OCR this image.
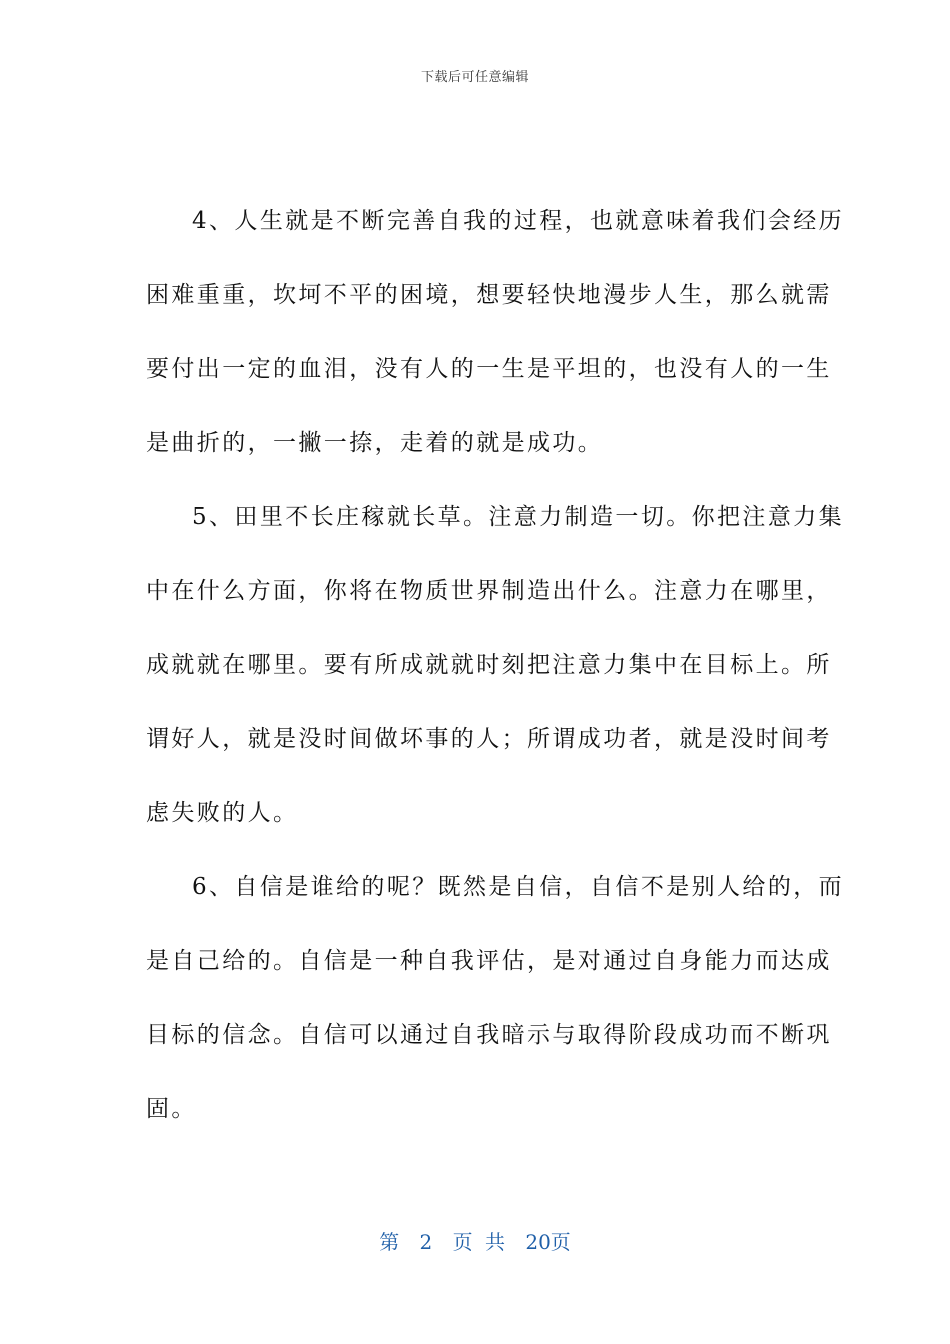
下载后可任意编辑

4、人生就是不断完善自我的过程，也就意味着我们会经历
困难重重，坎坷不平的困境，想要轻快地漫步人生，那么就需
要付出一定的血泪，没有人的一生是平坦的，也没有人的一生
是曲折的，一撇一捺，走着的就是成功。

5、田里不长庄稼就长草。注意力制造一切。你把注意力集
中在什么方面，你将在物质世界制造出什么。注意力在哪里，
成就就在哪里。要有所成就就时刻把注意力集中在目标上。所
谓好人，就是没时间做坏事的人；所谓成功者，就是没时间考
虑失败的人。

6、自信是谁给的呢？既然是自信，自信不是别人给的，而
是自己给的。自信是一种自我评估，是对通过自身能力而达成
目标的信念。自信可以通过自我暗示与取得阶段成功而不断巩
固。

第 2 页 共 20页
